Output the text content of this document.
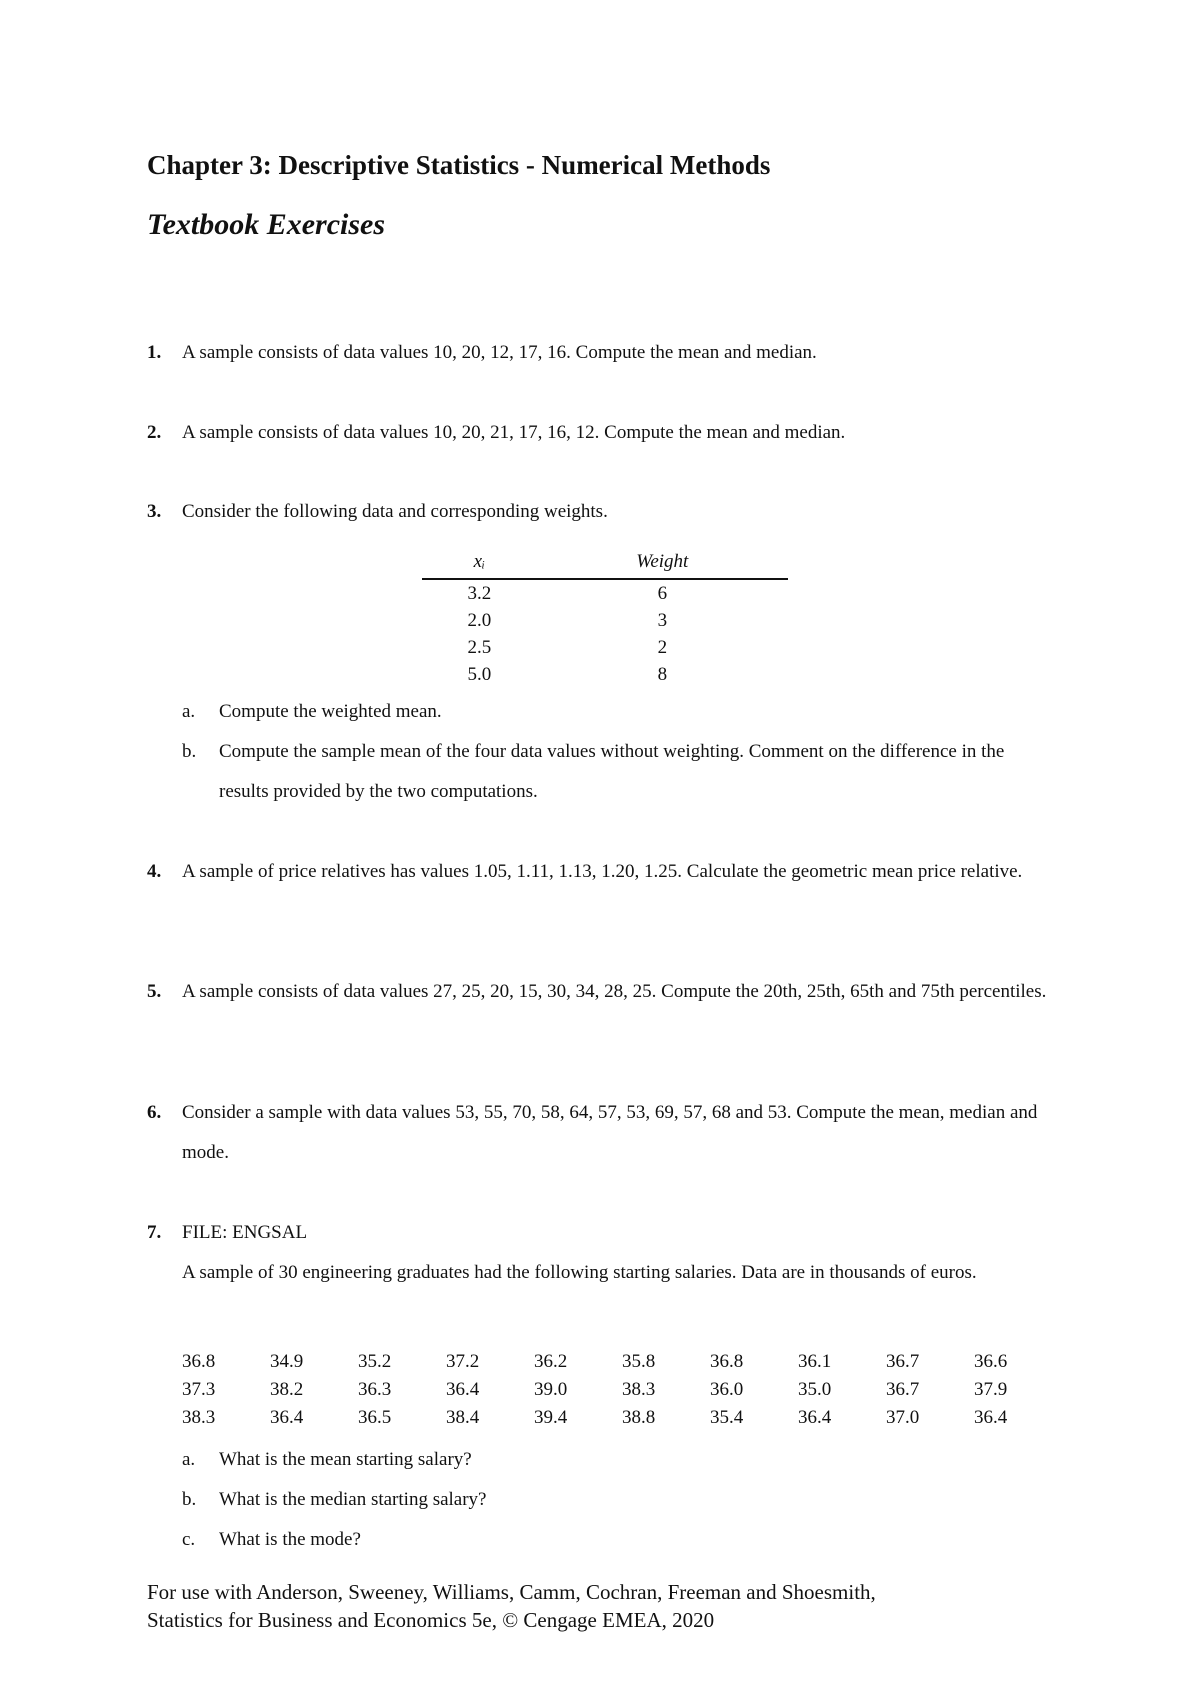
Chapter 3: Descriptive Statistics - Numerical Methods
Textbook Exercises
1. A sample consists of data values 10, 20, 12, 17, 16. Compute the mean and median.
2. A sample consists of data values 10, 20, 21, 17, 16, 12. Compute the mean and median.
3. Consider the following data and corresponding weights.
xᵢ	Weight
3.2	6
2.0	3
2.5	2
5.0	8
a. Compute the weighted mean.
b. Compute the sample mean of the four data values without weighting. Comment on the difference in the results provided by the two computations.
4. A sample of price relatives has values 1.05, 1.11, 1.13, 1.20, 1.25. Calculate the geometric mean price relative.
5. A sample consists of data values 27, 25, 20, 15, 30, 34, 28, 25. Compute the 20th, 25th, 65th and 75th percentiles.
6. Consider a sample with data values 53, 55, 70, 58, 64, 57, 53, 69, 57, 68 and 53. Compute the mean, median and mode.
7. FILE: ENGSAL
A sample of 30 engineering graduates had the following starting salaries. Data are in thousands of euros.
36.8	34.9	35.2	37.2	36.2	35.8	36.8	36.1	36.7	36.6
37.3	38.2	36.3	36.4	39.0	38.3	36.0	35.0	36.7	37.9
38.3	36.4	36.5	38.4	39.4	38.8	35.4	36.4	37.0	36.4
a. What is the mean starting salary?
b. What is the median starting salary?
c. What is the mode?
For use with Anderson, Sweeney, Williams, Camm, Cochran, Freeman and Shoesmith,
Statistics for Business and Economics 5e, © Cengage EMEA, 2020
